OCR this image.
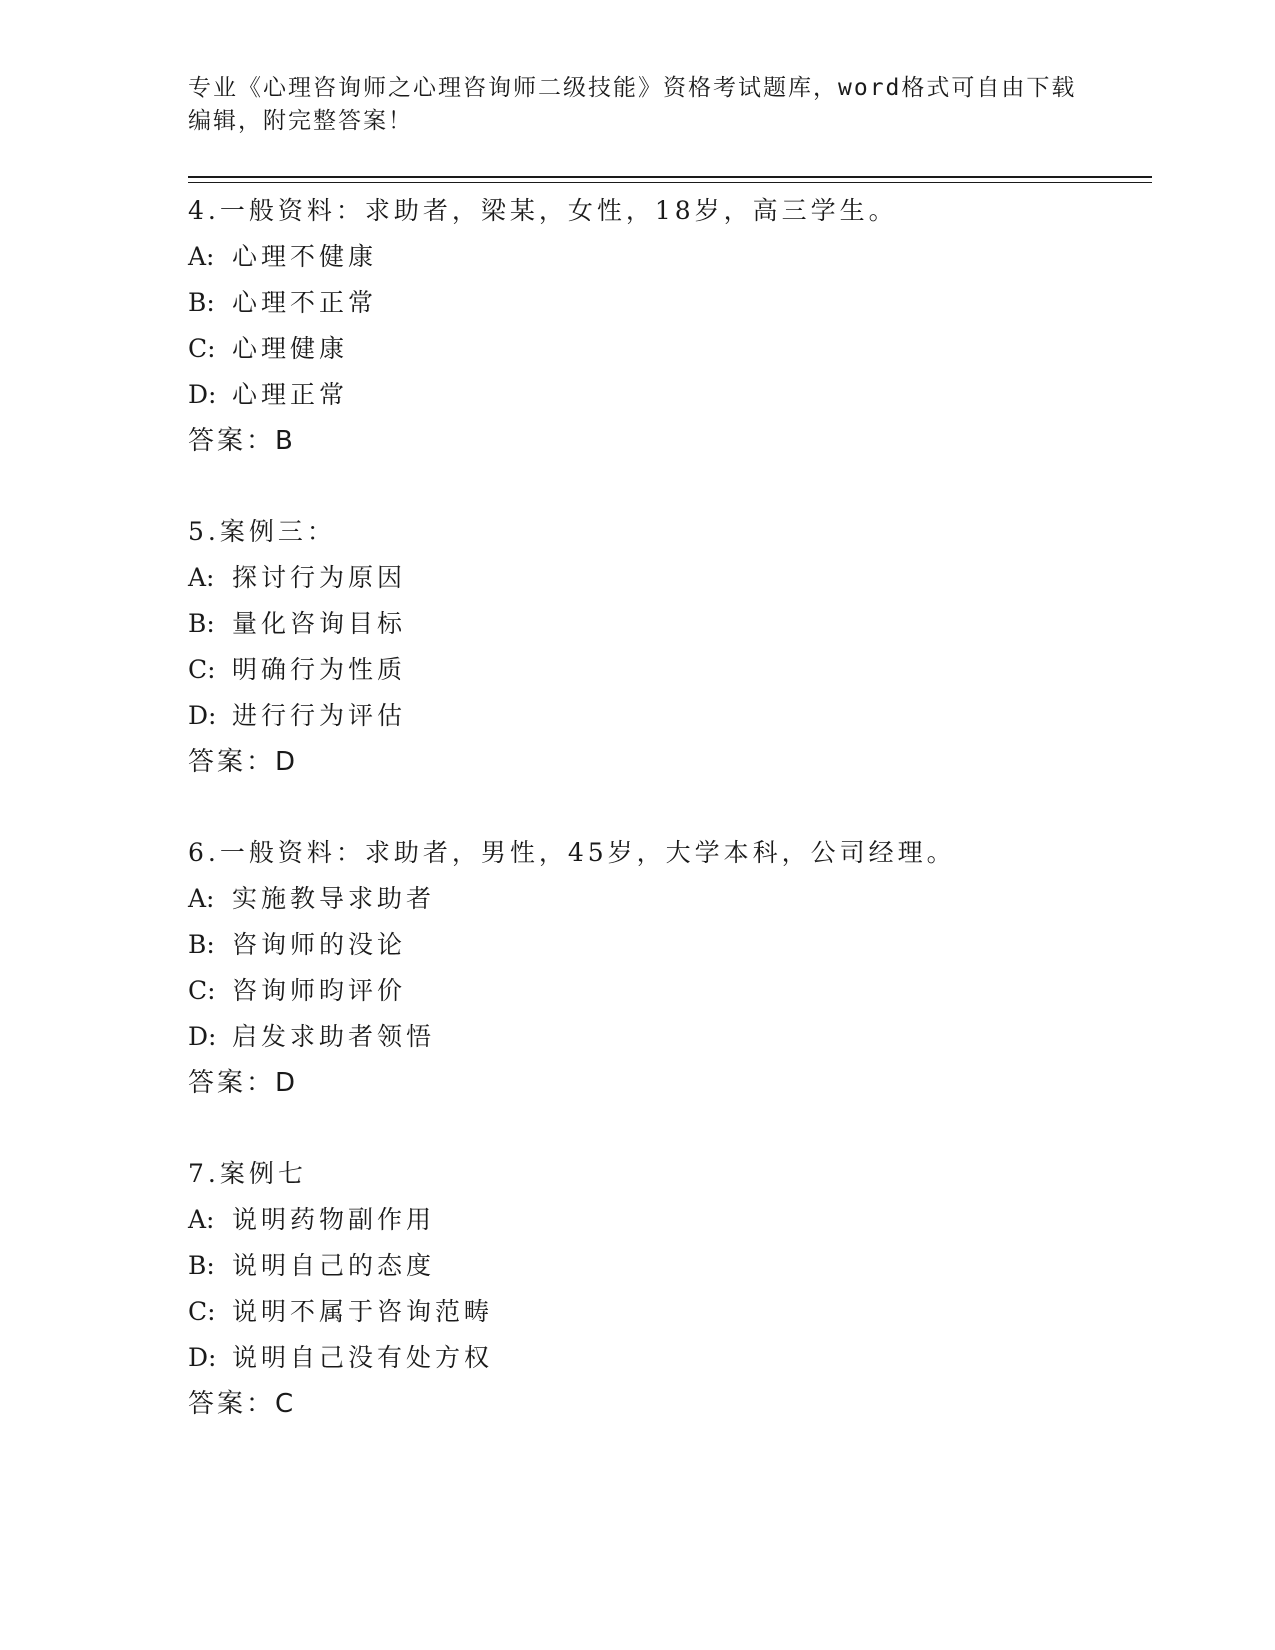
专业《心理咨询师之心理咨询师二级技能》资格考试题库，word格式可自由下载
编辑，附完整答案！
4.一般资料：求助者，梁某，女性，18岁，高三学生。
A: 心理不健康
B: 心理不正常
C: 心理健康
D: 心理正常
答案：B
5.案例三：
A: 探讨行为原因
B: 量化咨询目标
C: 明确行为性质
D: 进行行为评估
答案：D
6.一般资料：求助者，男性，45岁，大学本科，公司经理。
A: 实施教导求助者
B: 咨询师的没论
C: 咨询师昀评价
D: 启发求助者领悟
答案：D
7.案例七
A: 说明药物副作用
B: 说明自己的态度
C: 说明不属于咨询范畴
D: 说明自己没有处方权
答案：C
